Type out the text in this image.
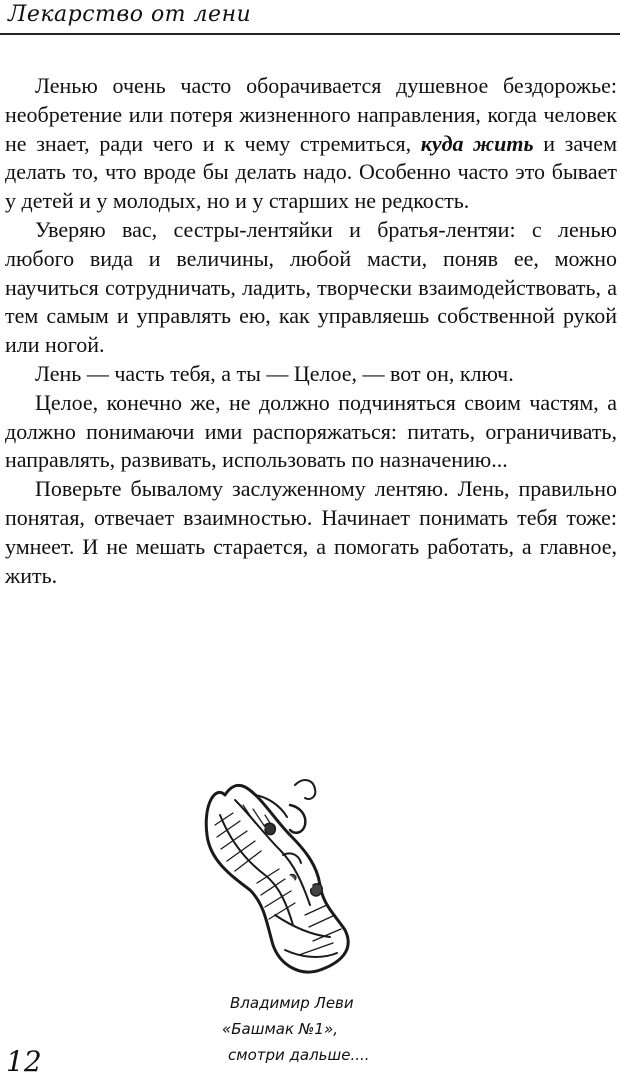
Лекарство от лени

Ленью очень часто оборачивается душевное бездорожье: необретение или потеря жизненного направления, когда человек не знает, ради чего и к чему стремиться, куда жить и зачем делать то, что вроде бы делать надо. Особенно часто это бывает у детей и у молодых, но и у старших не редкость.

Уверяю вас, сестры-лентяйки и братья-лентяи: с ленью любого вида и величины, любой масти, поняв ее, можно научиться сотрудничать, ладить, творчески взаимодействовать, а тем самым и управлять ею, как управляешь собственной рукой или ногой.

Лень — часть тебя, а ты — Целое, — вот он, ключ.

Целое, конечно же, не должно подчиняться своим частям, а должно понимаючи ими распоряжаться: питать, ограничивать, направлять, развивать, использовать по назначению...

Поверьте бывалому заслуженному лентяю. Лень, правильно понятая, отвечает взаимностью. Начинает понимать тебя тоже: умнеет. И не мешать старается, а помогать работать, а главное, жить.

Владимир Леви
«Башмак №1»,
смотри дальше....
12
